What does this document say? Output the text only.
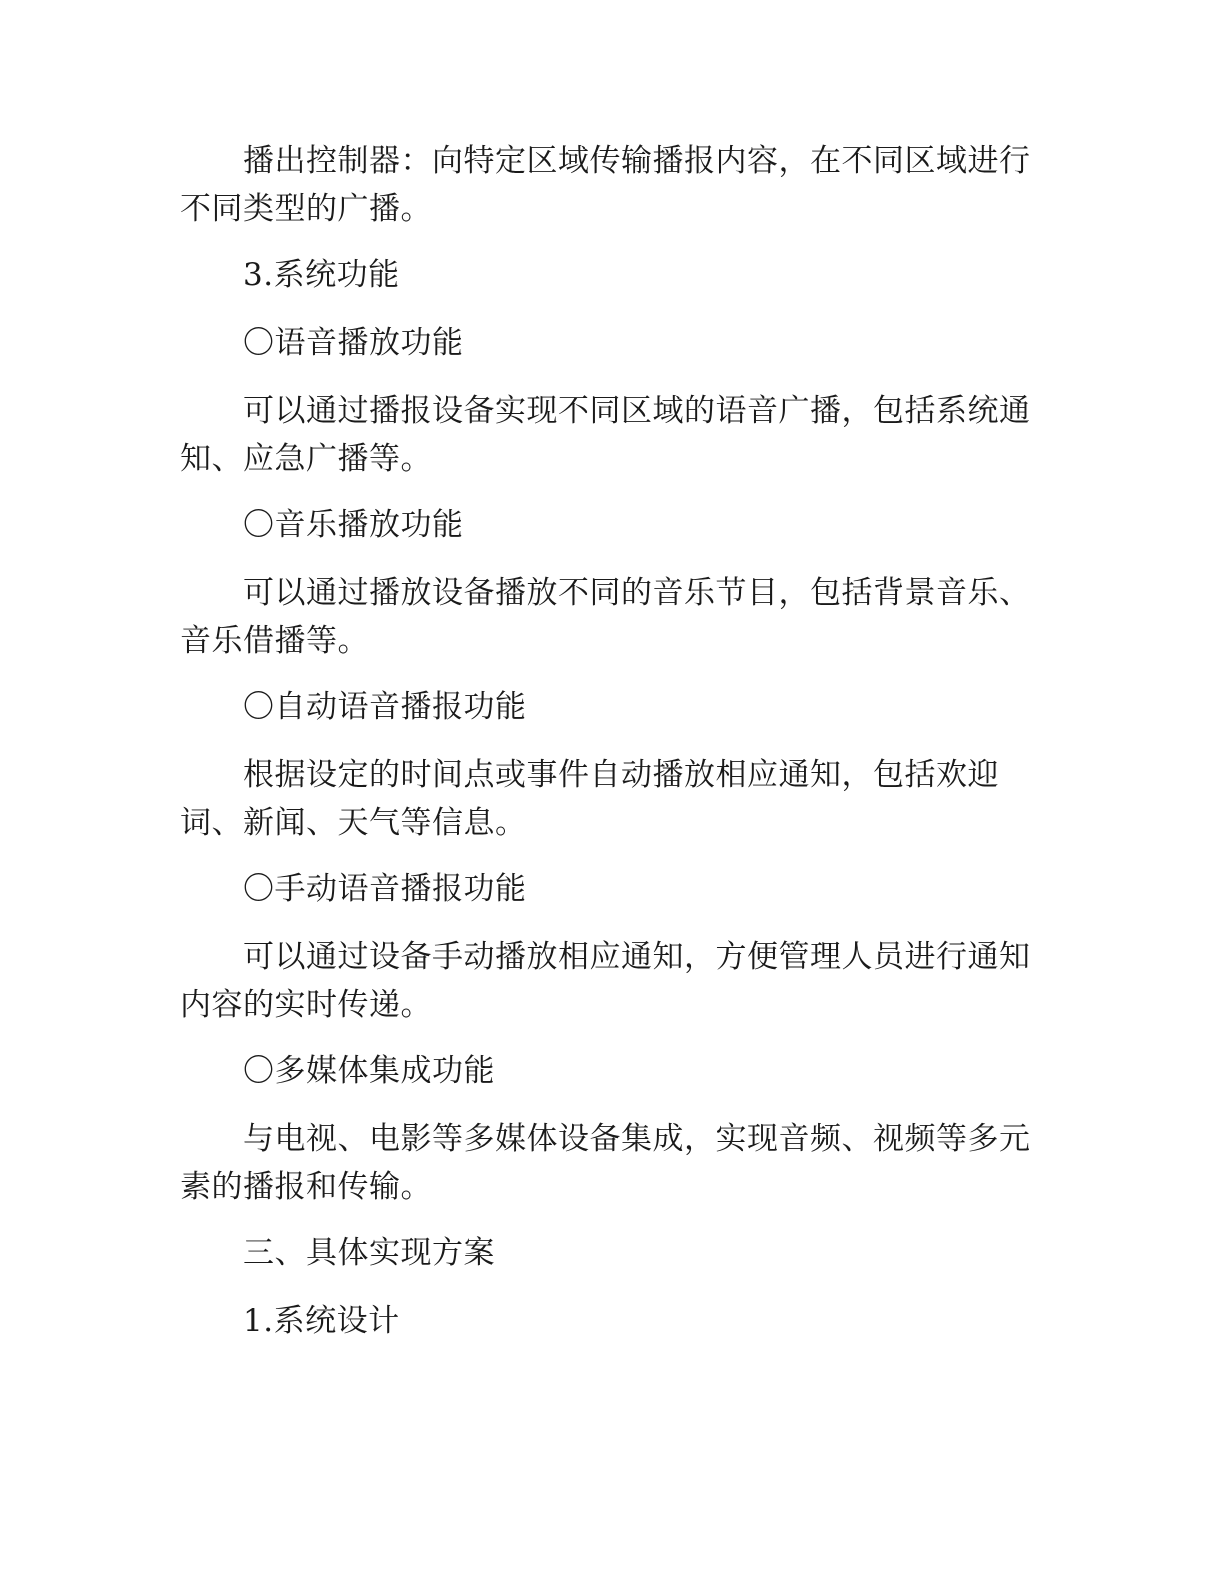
播出控制器：向特定区域传输播报内容，在不同区域进行不同类型的广播。

3.系统功能

〇语音播放功能

可以通过播报设备实现不同区域的语音广播，包括系统通知、应急广播等。

〇音乐播放功能

可以通过播放设备播放不同的音乐节目，包括背景音乐、音乐借播等。

〇自动语音播报功能

根据设定的时间点或事件自动播放相应通知，包括欢迎词、新闻、天气等信息。

〇手动语音播报功能

可以通过设备手动播放相应通知，方便管理人员进行通知内容的实时传递。

〇多媒体集成功能

与电视、电影等多媒体设备集成，实现音频、视频等多元素的播报和传输。

三、具体实现方案

1.系统设计
